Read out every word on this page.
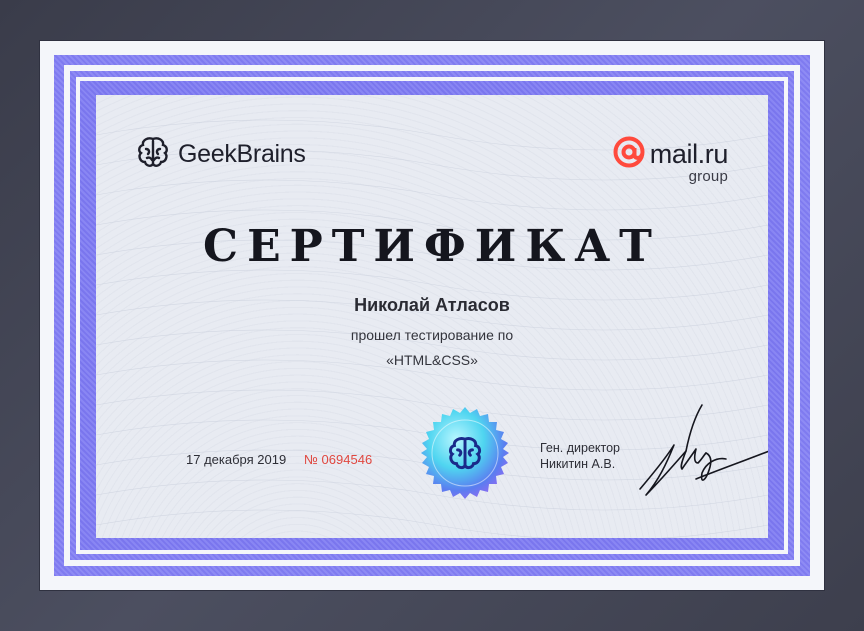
GeekBrains	mail.ru
group
СЕРТИФИКАТ
Николай Атласов
прошел тестирование по
«HTML&CSS»
17 декабря 2019 № 0694546
Ген. директор
Никитин А.В.
